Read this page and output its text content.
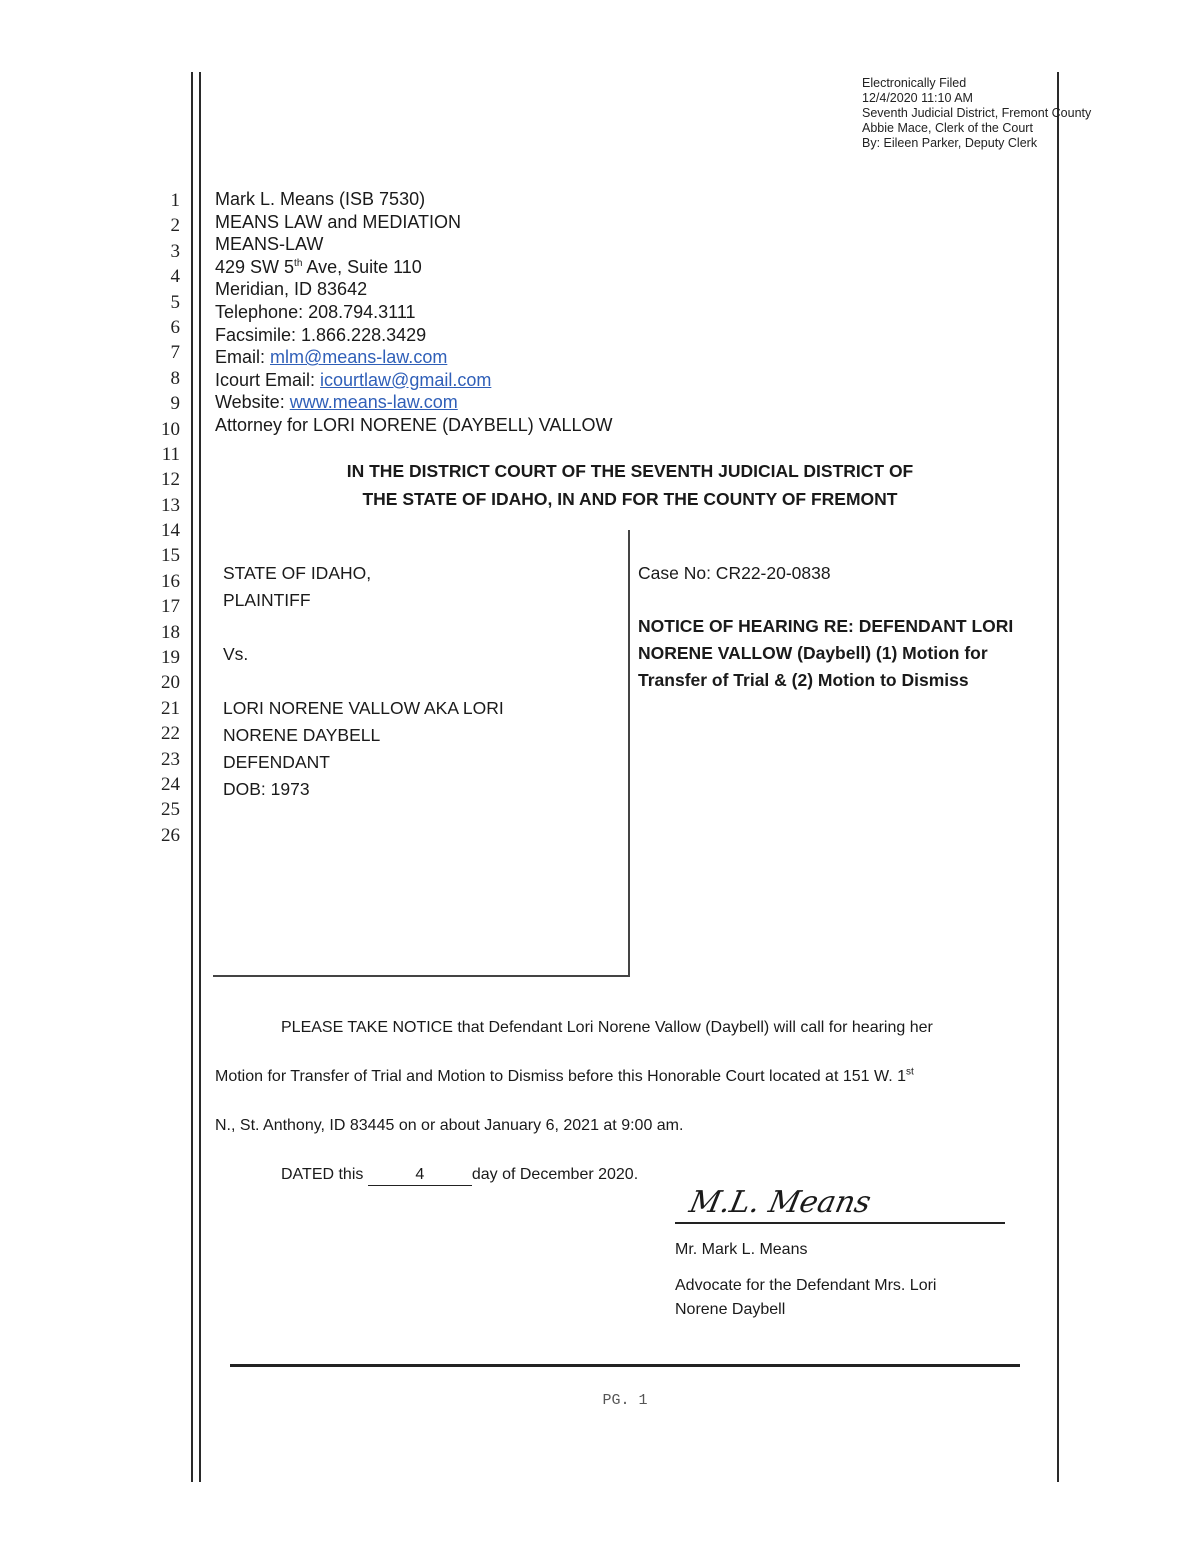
Electronically Filed
12/4/2020 11:10 AM
Seventh Judicial District, Fremont County
Abbie Mace, Clerk of the Court
By: Eileen Parker, Deputy Clerk
1
2
3
4
5
6
7
8
9
10
11
12
13
14
15
16
17
18
19
20
21
22
23
24
25
26
Mark L. Means (ISB 7530)
MEANS LAW and MEDIATION
MEANS-LAW
429 SW 5th Ave, Suite 110
Meridian, ID 83642
Telephone: 208.794.3111
Facsimile: 1.866.228.3429
Email: mlm@means-law.com
Icourt Email: icourtlaw@gmail.com
Website: www.means-law.com
Attorney for LORI NORENE (DAYBELL) VALLOW
IN THE DISTRICT COURT OF THE SEVENTH JUDICIAL DISTRICT OF
THE STATE OF IDAHO, IN AND FOR THE COUNTY OF FREMONT
STATE OF IDAHO,
PLAINTIFF
Vs.
LORI NORENE VALLOW AKA LORI
NORENE DAYBELL
DEFENDANT
DOB: 1973
Case No: CR22-20-0838
NOTICE OF HEARING RE: DEFENDANT LORI
NORENE VALLOW (Daybell) (1) Motion for
Transfer of Trial & (2) Motion to Dismiss
PLEASE TAKE NOTICE that Defendant Lori Norene Vallow (Daybell) will call for hearing her
Motion for Transfer of Trial and Motion to Dismiss before this Honorable Court located at 151 W. 1st
N., St. Anthony, ID 83445 on or about January 6, 2021 at 9:00 am.
DATED this	4	day of December 2020.
M.L. Means
Mr. Mark L. Means
Advocate for the Defendant Mrs. Lori
Norene Daybell
PG. 1
